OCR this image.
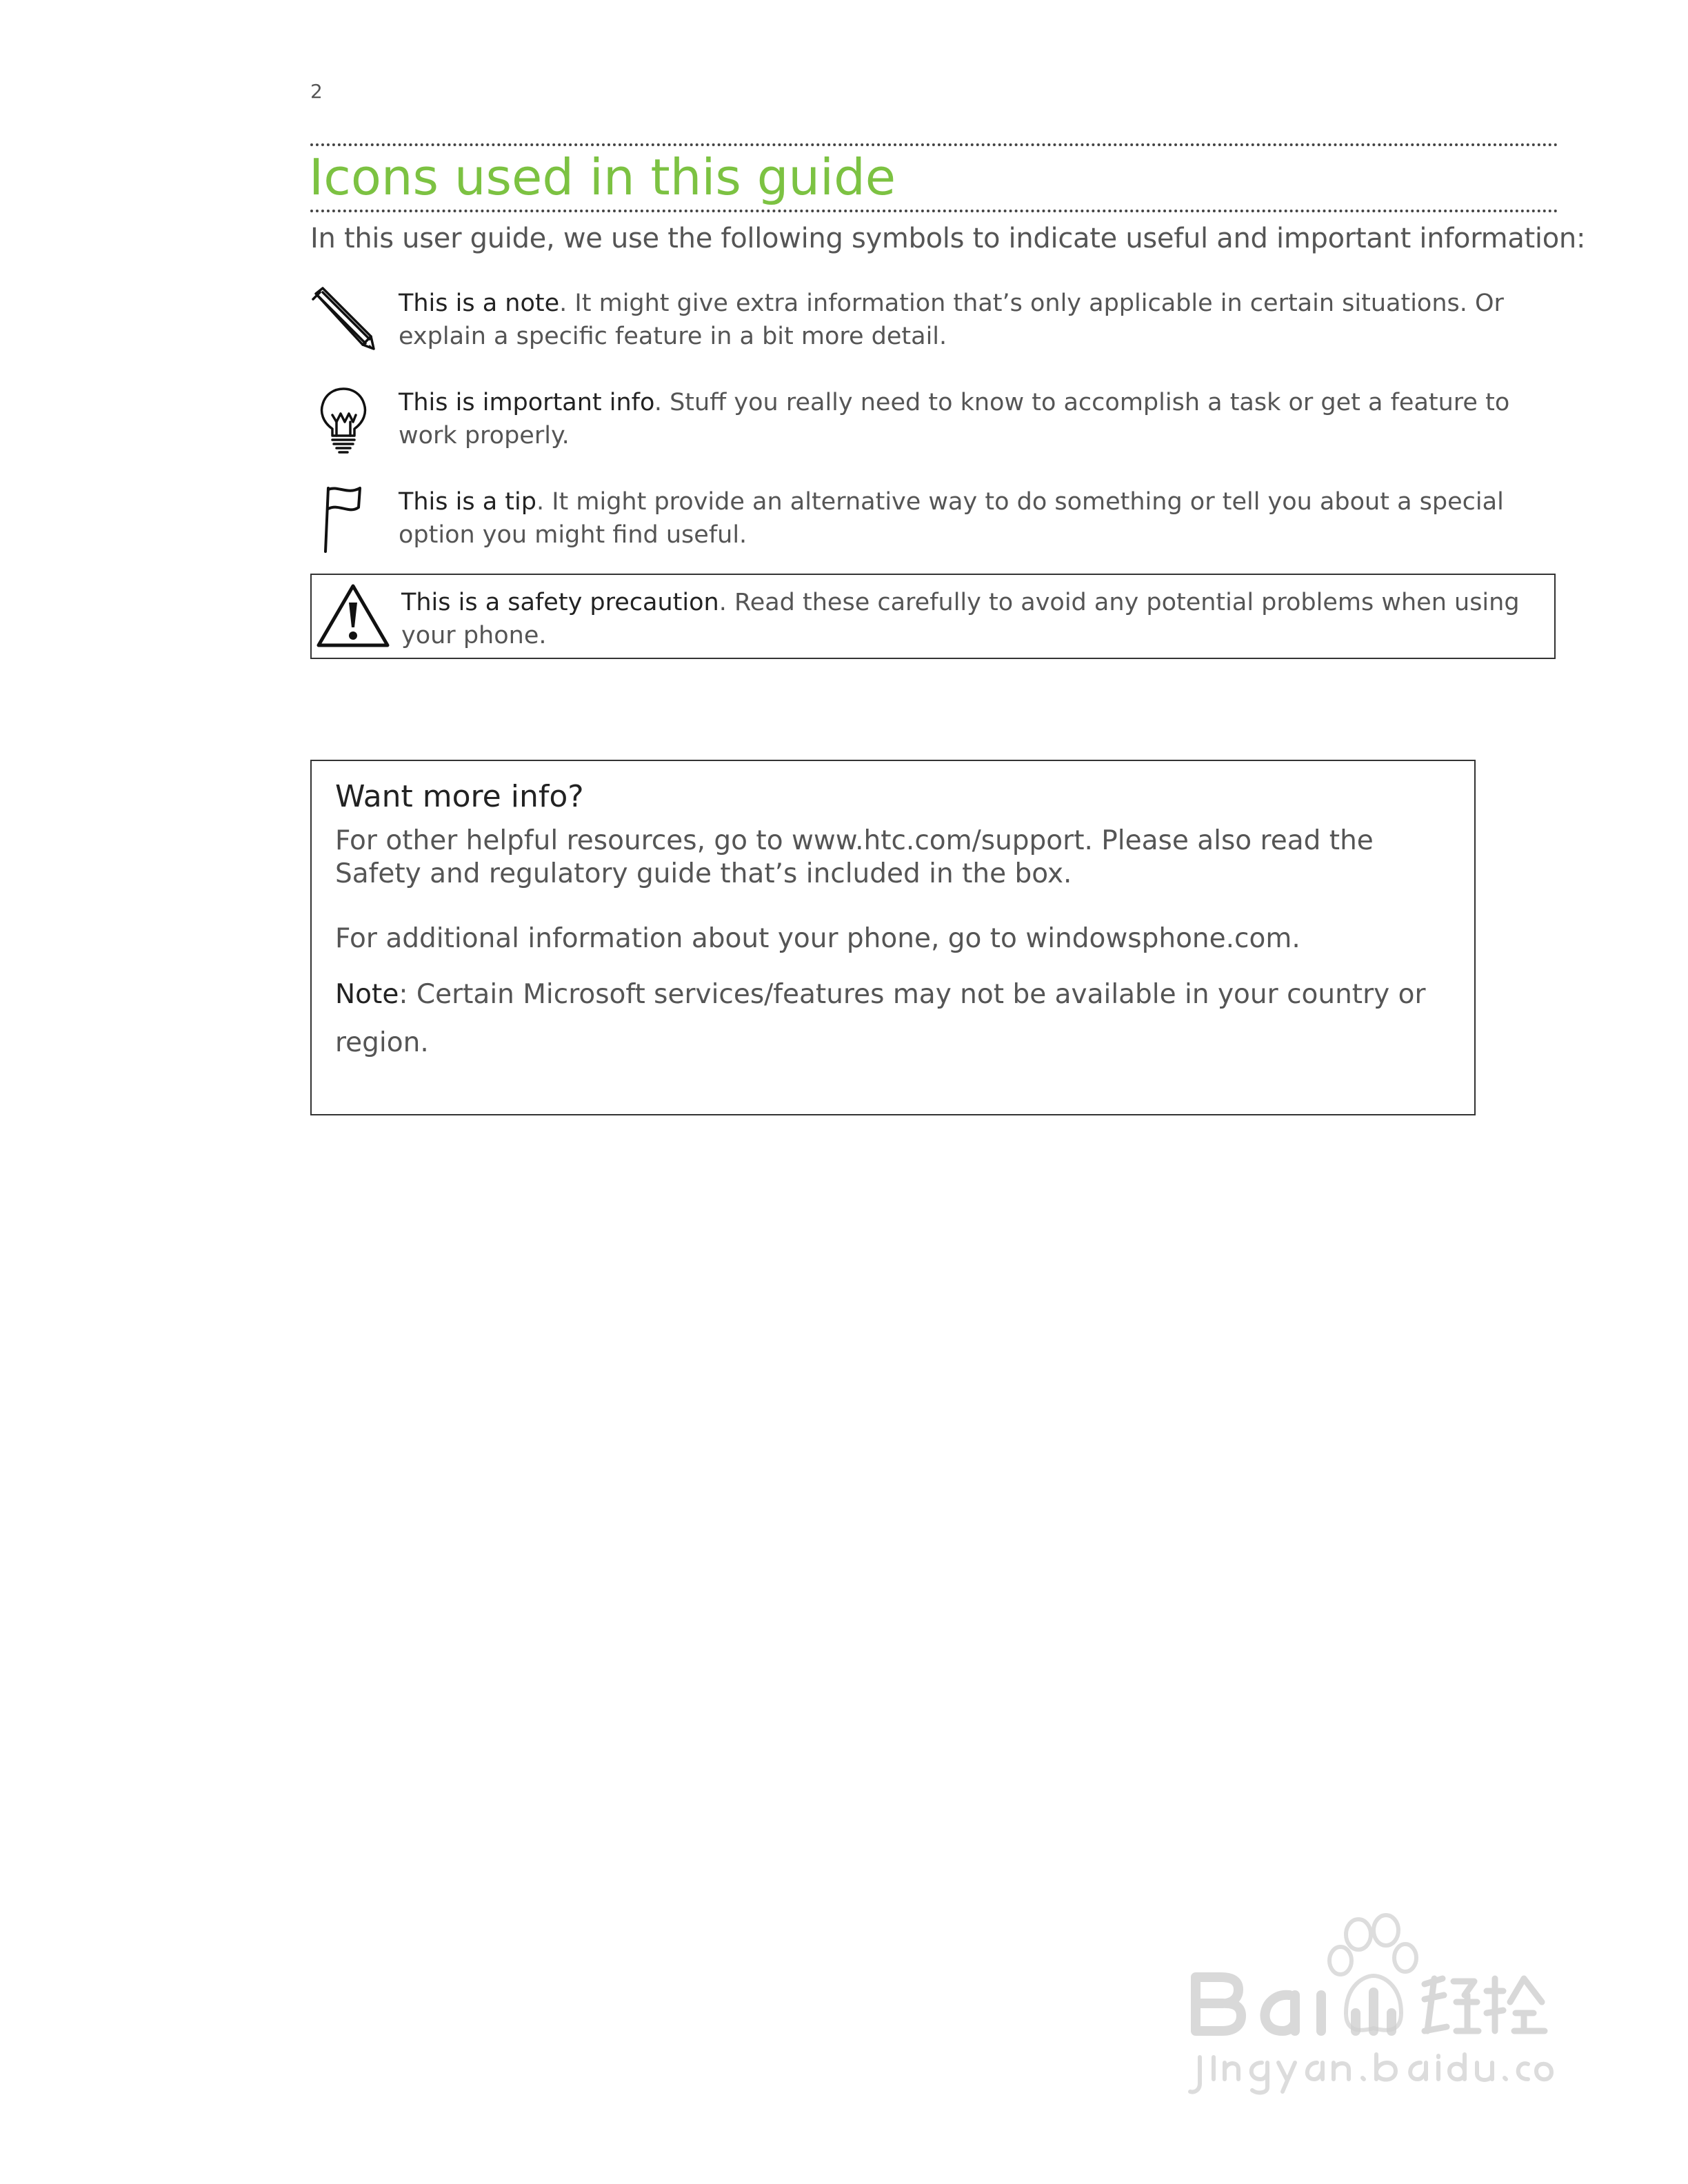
2
Icons used in this guide
In this user guide, we use the following symbols to indicate useful and important information:
This is a note. It might give extra information that’s only applicable in certain situations. Or explain a specific feature in a bit more detail.
This is important info. Stuff you really need to know to accomplish a task or get a feature to work properly.
This is a tip. It might provide an alternative way to do something or tell you about a special option you might find useful.
This is a safety precaution. Read these carefully to avoid any potential problems when using your phone.
Want more info?
For other helpful resources, go to www.htc.com/support. Please also read the Safety and regulatory guide that’s included in the box.
For additional information about your phone, go to windowsphone.com.
Note: Certain Microsoft services/features may not be available in your country or region.
